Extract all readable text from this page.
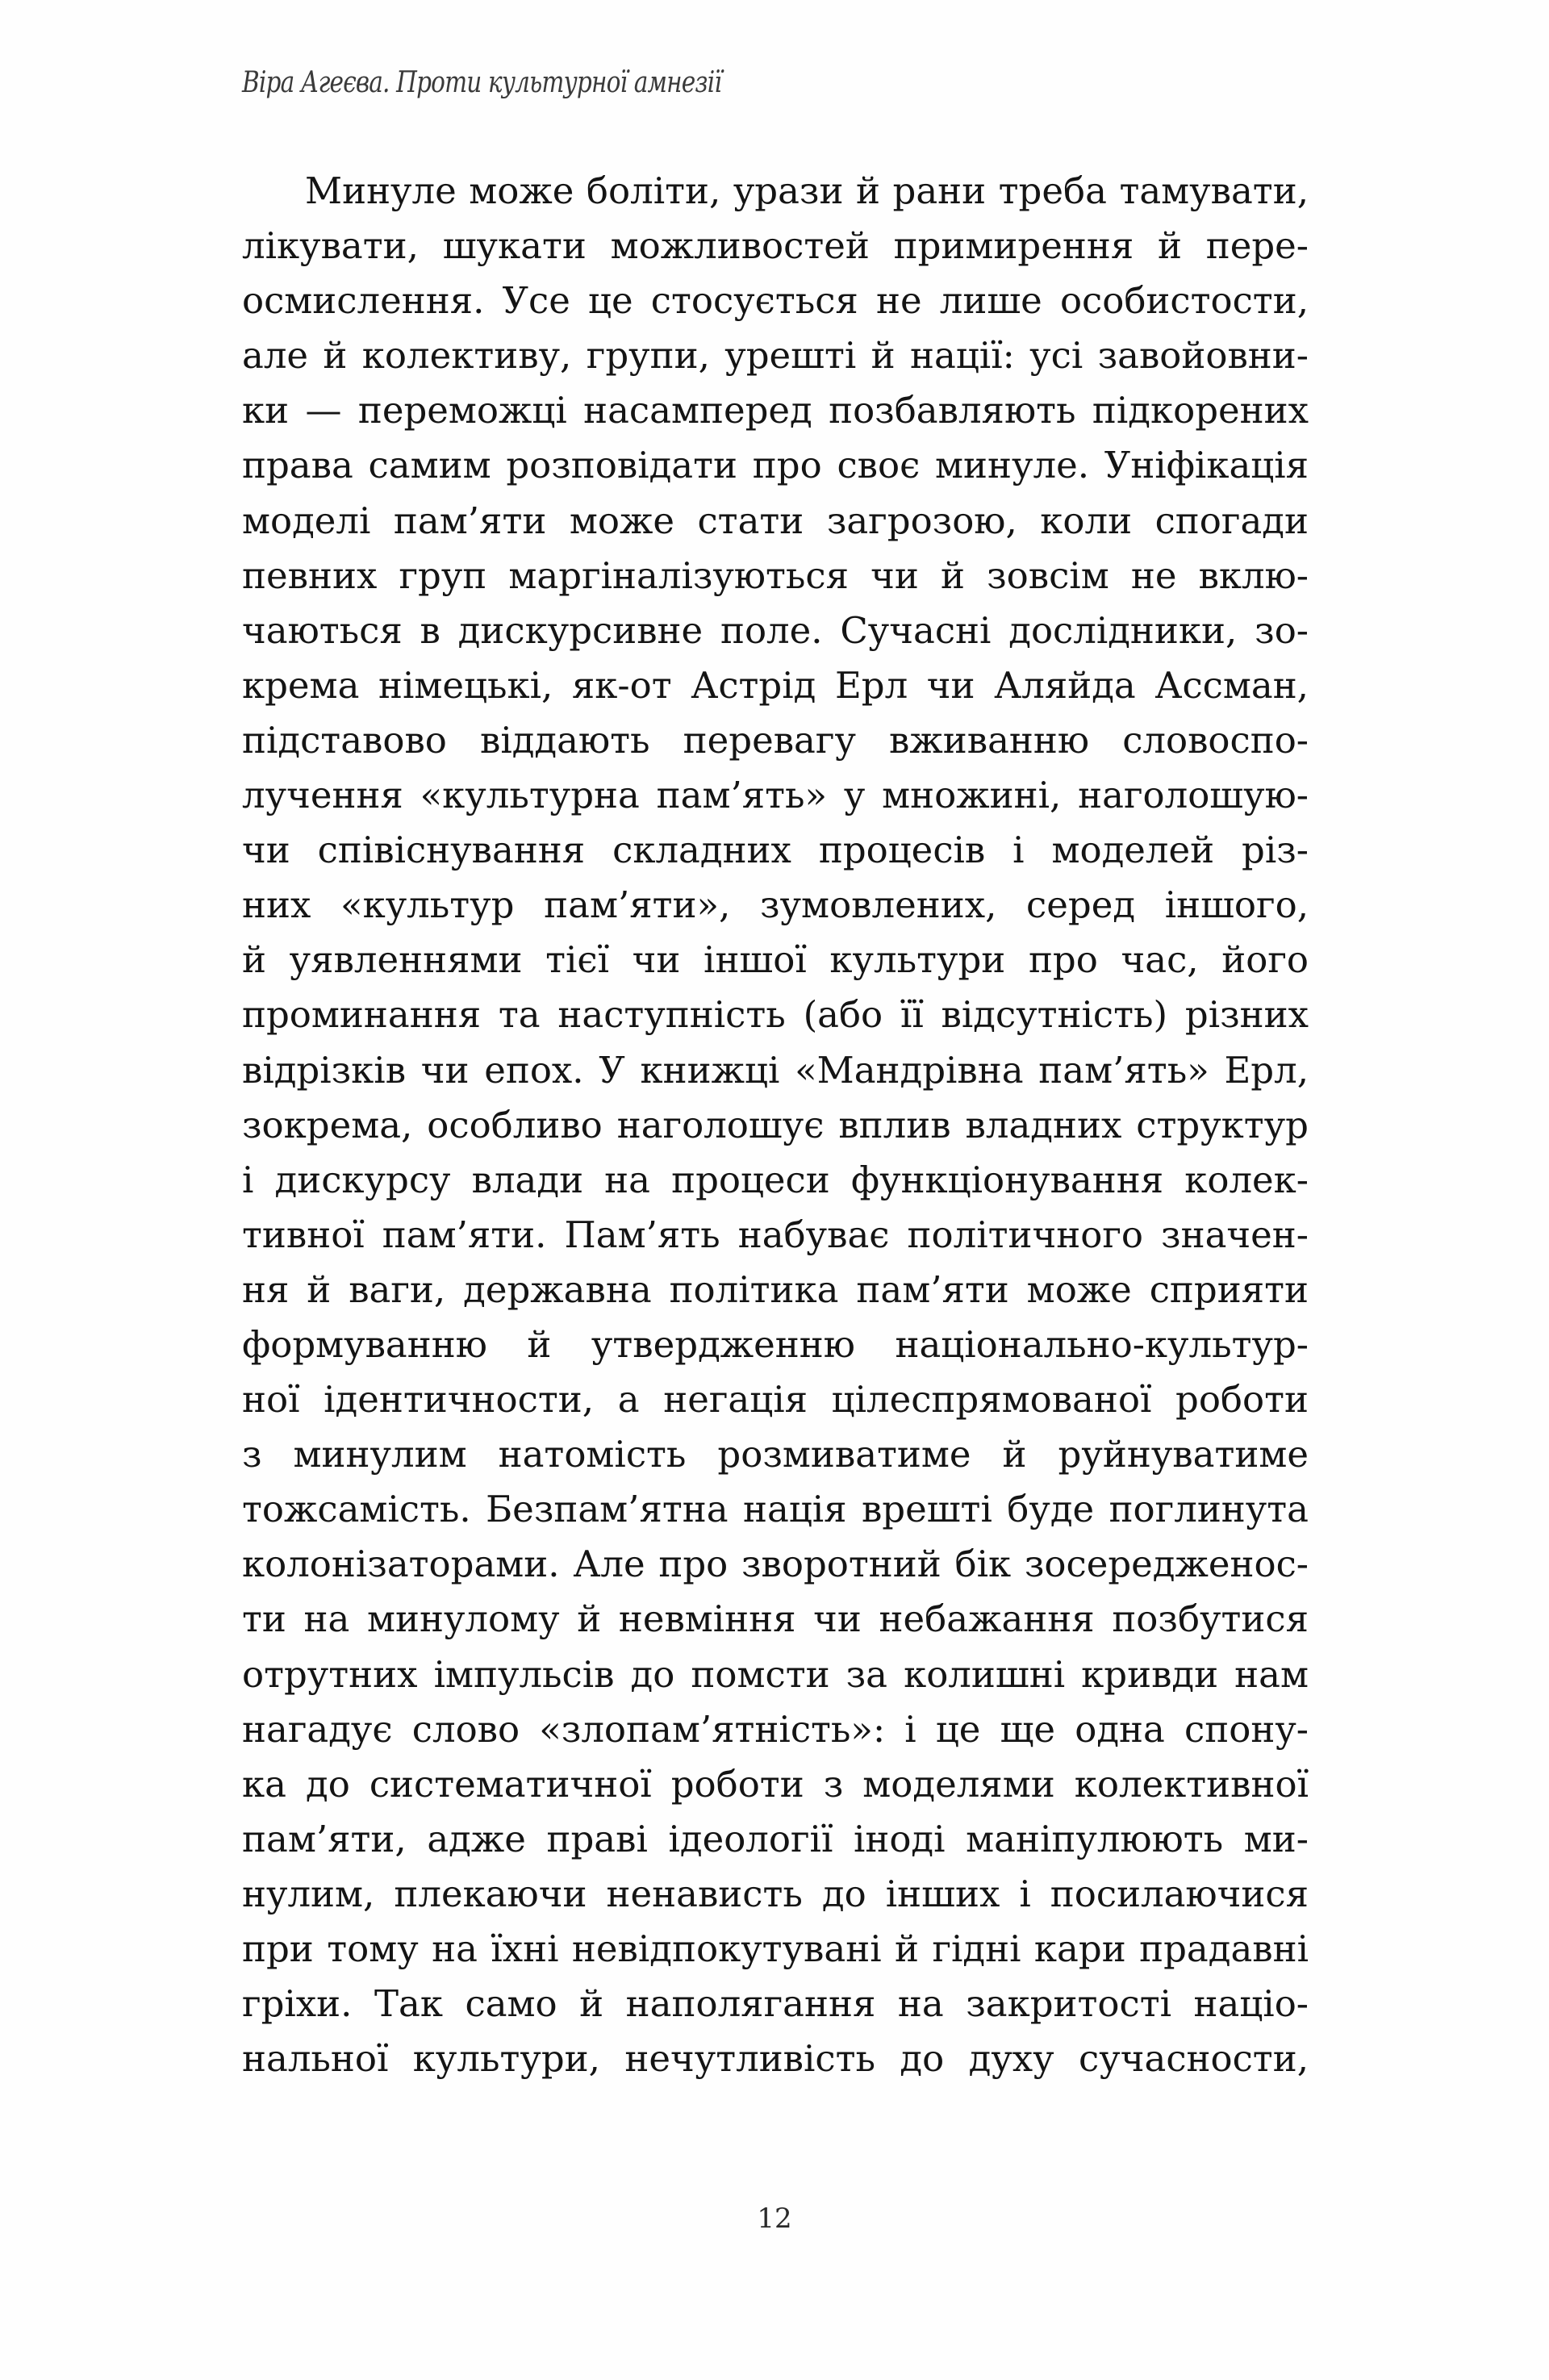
Віра Агеєва. Проти культурної амнезії
Минуле може боліти, урази й рани треба тамувати,
лікувати, шукати можливостей примирення й пере-
осмислення. Усе це стосується не лише особистости,
але й колективу, групи, урешті й нації: усі завойовни-
ки — переможці насамперед позбавляють підкорених
права самим розповідати про своє минуле. Уніфікація
моделі пам’яти може стати загрозою, коли спогади
певних груп маргіналізуються чи й зовсім не вклю-
чаються в дискурсивне поле. Сучасні дослідники, зо-
крема німецькі, як-от Астрід Ерл чи Аляйда Ассман,
підставово віддають перевагу вживанню словоспо-
лучення «культурна пам’ять» у множині, наголошую-
чи співіснування складних процесів і моделей різ-
них «культур пам’яти», зумовлених, серед іншого,
й уявленнями тієї чи іншої культури про час, його
проминання та наступність (або її відсутність) різних
відрізків чи епох. У книжці «Мандрівна пам’ять» Ерл,
зокрема, особливо наголошує вплив владних структур
і дискурсу влади на процеси функціонування колек-
тивної пам’яти. Пам’ять набуває політичного значен-
ня й ваги, державна політика пам’яти може сприяти
формуванню й утвердженню національно-культур-
ної ідентичности, а негація цілеспрямованої роботи
з минулим натомість розмиватиме й руйнуватиме
тожсамість. Безпам’ятна нація врешті буде поглинута
колонізаторами. Але про зворотний бік зосередженос-
ти на минулому й невміння чи небажання позбутися
отрутних імпульсів до помсти за колишні кривди нам
нагадує слово «злопам’ятність»: і це ще одна спону-
ка до систематичної роботи з моделями колективної
пам’яти, адже праві ідеології іноді маніпулюють ми-
нулим, плекаючи ненависть до інших і посилаючися
при тому на їхні невідпокутувані й гідні кари прадавні
гріхи. Так само й наполягання на закритості націо-
нальної культури, нечутливість до духу сучасности,
12
